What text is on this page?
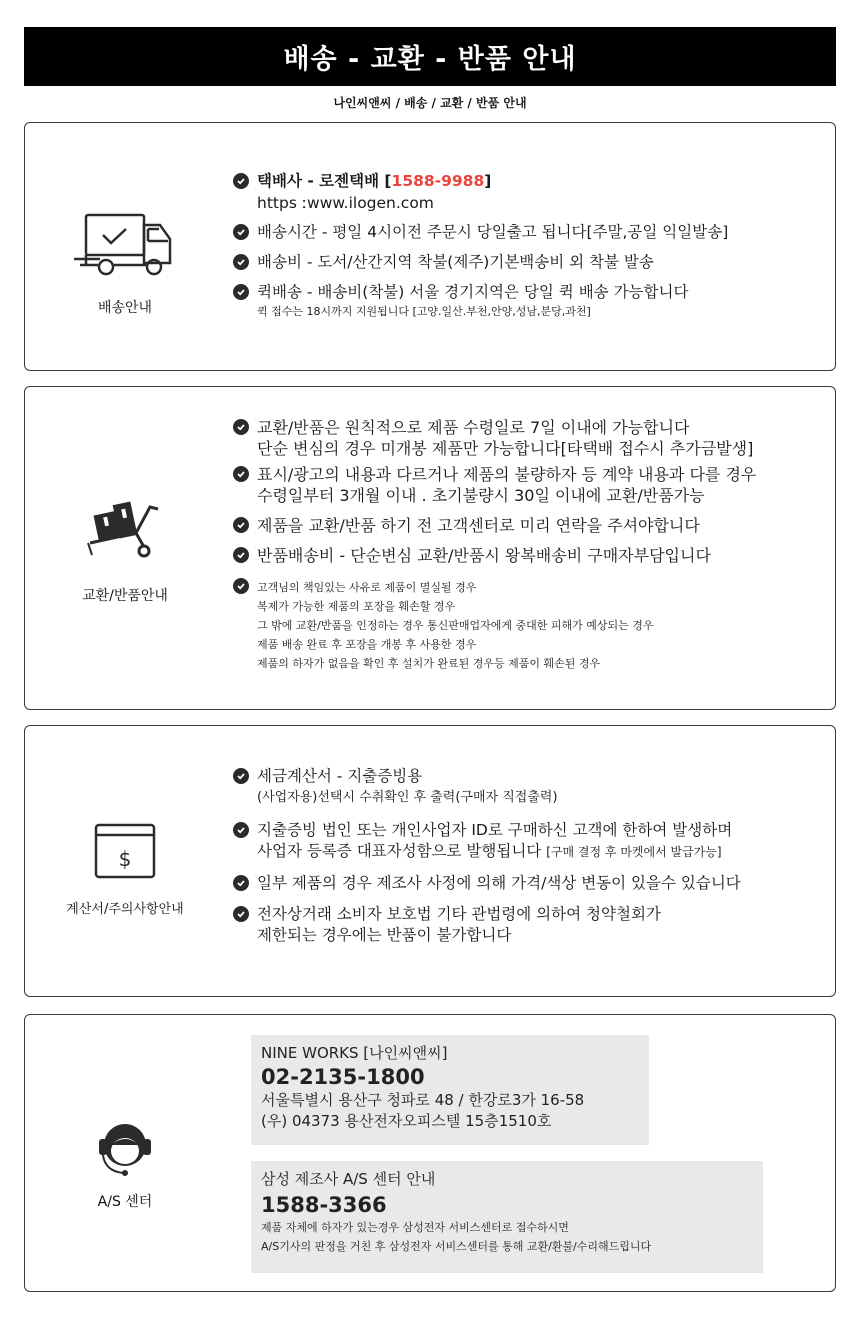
배송 - 교환 - 반품 안내
나인씨앤씨 / 배송 / 교환 / 반품 안내
배송안내
택배사 - 로젠택배 [1588-9988]
https ːwww.ilogen.com
배송시간 - 평일 4시이전 주문시 당일출고 됩니다[주말,공일 익일발송]
배송비 - 도서/산간지역 착불(제주)기본백송비 외 착불 발송
퀵배송 - 배송비(착불) 서울 경기지역은 당일 퀵 배송 가능합니다
퀵 접수는 18시까지 지원됩니다 [고양.일산.부천,안양,성남,분당,과천]
교환/반품안내
교환/반품은 원칙적으로 제품 수령일로 7일 이내에 가능합니다
단순 변심의 경우 미개봉 제품만 가능합니다[타택배 접수시 추가금발생]
표시/광고의 내용과 다르거나 제품의 불량하자 등 계약 내용과 다를 경우
수령일부터 3개월 이내 . 초기불량시 30일 이내에 교환/반품가능
제품을 교환/반품 하기 전 고객센터로 미리 연락을 주셔야합니다
반품배송비 - 단순변심 교환/반품시 왕복배송비 구매자부담입니다
고객님의 책임있는 사유로 제품이 멸실될 경우
복제가 가능한 제품의 포장을 훼손할 경우
그 밖에 교환/반품을 인정하는 경우 통신판매업자에게 중대한 피해가 예상되는 경우
제품 배송 완료 후 포장을 개봉 후 사용한 경우
제품의 하자가 없음을 확인 후 설치가 완료된 경우등 제품이 훼손된 경우
$
계산서/주의사항안내
세금계산서 - 지출증빙용
(사업자용)선택시 수취확인 후 출력(구매자 직접출력)
지출증빙 법인 또는 개인사업자 ID로 구매하신 고객에 한하여 발생하며
사업자 등록증 대표자성함으로 발행됩니다 [구매 결정 후 마켓에서 발급가능]
일부 제품의 경우 제조사 사정에 의해 가격/색상 변동이 있을수 있습니다
전자상거래 소비자 보호법 기타 관법령에 의하여 청약철회가
제한되는 경우에는 반품이 불가합니다
A/S 센터
NINE WORKS [나인씨앤씨]
02-2135-1800
서울특별시 용산구 청파로 48 / 한강로3가 16-58
(우) 04373 용산전자오피스텔 15층1510호
삼성 제조사 A/S 센터 안내
1588-3366
제품 자체에 하자가 있는경우 삼성전자 서비스센터로 접수하시면
A/S기사의 판정을 거친 후 삼성전자 서비스센터를 통해 교환/환불/수리해드립니다
